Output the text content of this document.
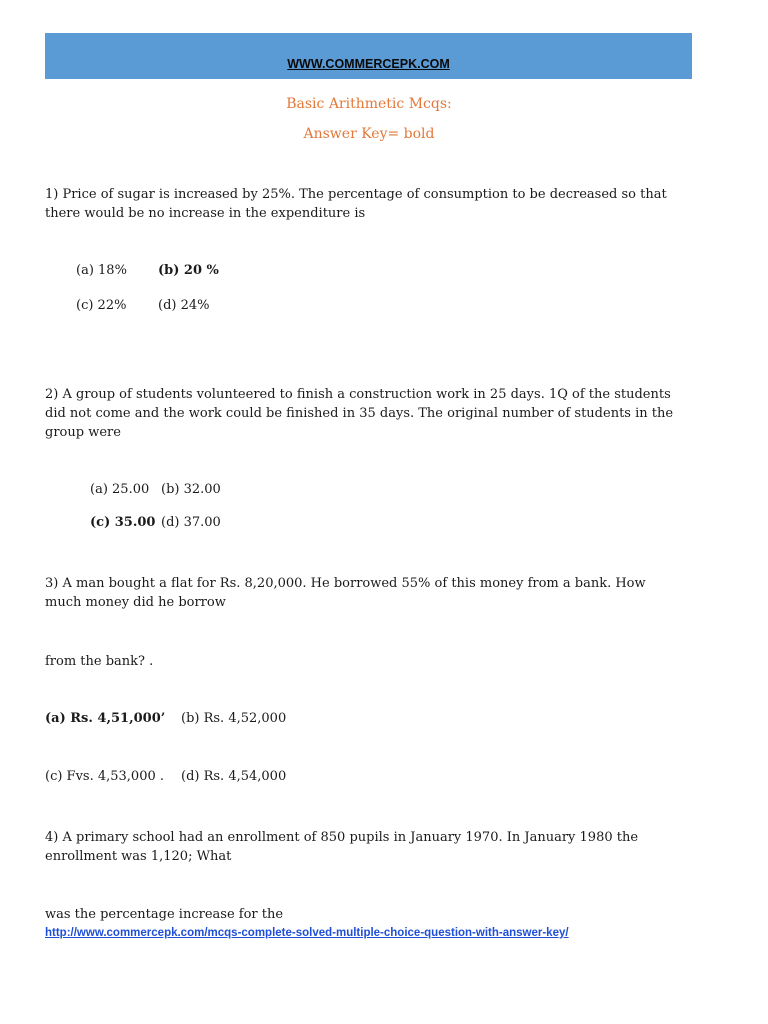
WWW.COMMERCEPK.COM
Basic Arithmetic Mcqs:
Answer Key= bold
1) Price of sugar is increased by 25%. The percentage of consumption to be decreased so that
there would be no increase in the expenditure is
(a) 18% (b) 20 %
(c) 22% (d) 24%
2) A group of students volunteered to finish a construction work in 25 days. 1Q of the students
did not come and the work could be finished in 35 days. The original number of students in the
group were
(a) 25.00 (b) 32.00
(c) 35.00 (d) 37.00
3) A man bought a flat for Rs. 8,20,000. He borrowed 55% of this money from a bank. How
much money did he borrow
from the bank? .
(a) Rs. 4,51,000’ (b) Rs. 4,52,000
(c) Fvs. 4,53,000 . (d) Rs. 4,54,000
4) A primary school had an enrollment of 850 pupils in January 1970. In January 1980 the
enrollment was 1,120; What
was the percentage increase for the
http://www.commercepk.com/mcqs-complete-solved-multiple-choice-question-with-answer-key/
